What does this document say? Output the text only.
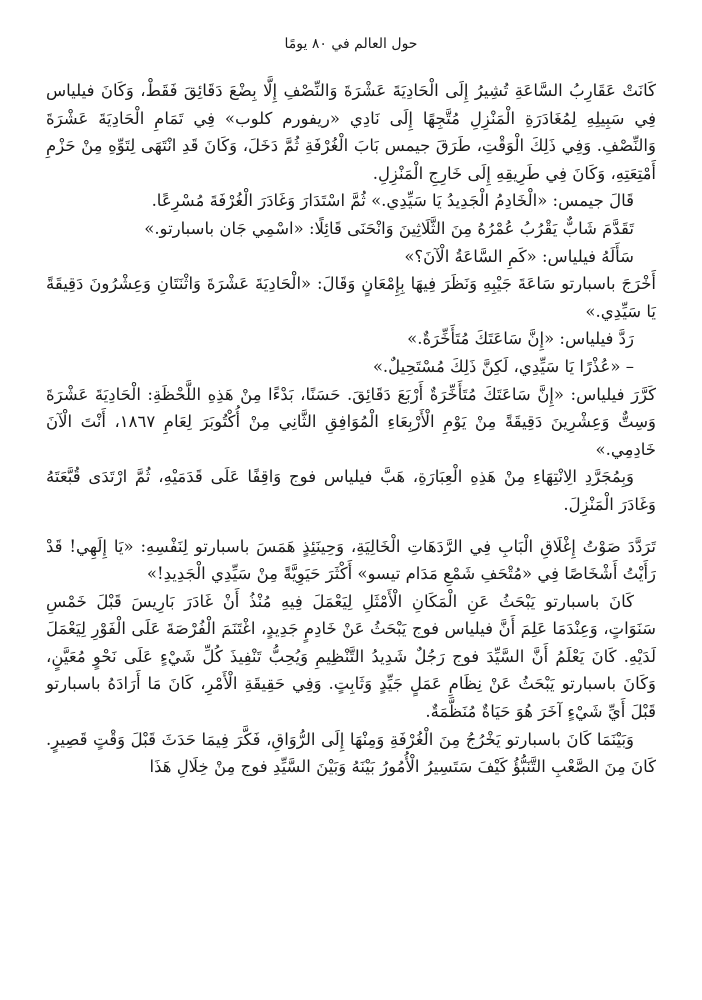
حول العالم في ٨٠ يومًا

كَانَتْ عَقَارِبُ السَّاعَةِ تُشِيرُ إِلَى الْحَادِيَةَ عَشْرَةَ وَالنِّصْفِ إِلَّا بِضْعَ دَقَائِقَ فَقَطْ، وَكَانَ فيلياس فِي سَبِيلِهِ لِمُغَادَرَةِ الْمَنْزِلِ مُتَّجِهًا إِلَى نَادِي «ريفورم كلوب» فِي تَمَامِ الْحَادِيَةَ عَشْرَةَ وَالنِّصْفِ. وَفِي ذَلِكَ الْوَقْتِ، طَرَقَ جيمس بَابَ الْغُرْفَةِ ثُمَّ دَخَلَ، وَكَانَ قَدِ انْتَهَى لِتَوِّهِ مِنْ حَزْمِ أَمْتِعَتِهِ، وَكَانَ فِي طَرِيقِهِ إِلَى خَارِجِ الْمَنْزِلِ.

قَالَ جيمس: «الْخَادِمُ الْجَدِيدُ يَا سَيِّدِي.» ثُمَّ اسْتَدَارَ وَغَادَرَ الْغُرْفَةَ مُسْرِعًا.

تَقَدَّمَ شَابٌّ يَقْرُبُ عُمْرُهُ مِنَ الثَّلَاثِينَ وَانْحَنَى قَائِلًا: «اسْمِي جَان باسبارتو.»

سَأَلَهُ فيلياس: «كَمِ السَّاعَةُ الْآنَ؟»

أَخْرَجَ باسبارتو سَاعَةَ جَيْبِهِ وَنَظَرَ فِيهَا بِإِمْعَانٍ وَقَالَ: «الْحَادِيَةَ عَشْرَةَ وَاثْنَتَانِ وَعِشْرُونَ دَقِيقَةً يَا سَيِّدِي.»

رَدَّ فيلياس: «إِنَّ سَاعَتَكَ مُتَأَخِّرَةٌ.»

– «عُذْرًا يَا سَيِّدِي، لَكِنَّ ذَلِكَ مُسْتَحِيلٌ.»

كَرَّرَ فيلياس: «إِنَّ سَاعَتَكَ مُتَأَخِّرَةٌ أَرْبَعَ دَقَائِقَ. حَسَنًا، بَدْءًا مِنْ هَذِهِ اللَّحْظَةِ: الْحَادِيَةَ عَشْرَةَ وَسِتٌّ وَعِشْرِينَ دَقِيقَةً مِنْ يَوْمِ الْأَرْبِعَاءِ الْمُوَافِقِ الثَّانِي مِنْ أُكْتُوبَرَ لِعَامِ ١٨٦٧، أَنْتَ الْآنَ خَادِمِي.»

وَبِمُجَرَّدِ الِانْتِهَاءِ مِنْ هَذِهِ الْعِبَارَةِ، هَبَّ فيلياس فوج وَاقِفًا عَلَى قَدَمَيْهِ، ثُمَّ ارْتَدَى قُبَّعَتَهُ وَغَادَرَ الْمَنْزِلَ.

تَرَدَّدَ صَوْتُ إِغْلَاقِ الْبَابِ فِي الرَّدَهَاتِ الْخَالِيَةِ، وَحِينَئِذٍ هَمَسَ باسبارتو لِنَفْسِهِ: «يَا إِلَهِي! قَدْ رَأَيْتُ أَشْخَاصًا فِي «مُتْحَفِ شَمْعِ مَدَام تيسو» أَكْثَرَ حَيَوِيَّةً مِنْ سَيِّدِي الْجَدِيدِ!»

كَانَ باسبارتو يَبْحَثُ عَنِ الْمَكَانِ الْأَمْثَلِ لِيَعْمَلَ فِيهِ مُنْذُ أَنْ غَادَرَ بَارِيسَ قَبْلَ خَمْسِ سَنَوَاتٍ، وَعِنْدَمَا عَلِمَ أَنَّ فيلياس فوج يَبْحَثُ عَنْ خَادِمٍ جَدِيدٍ، اغْتَنَمَ الْفُرْصَةَ عَلَى الْفَوْرِ لِيَعْمَلَ لَدَيْهِ. كَانَ يَعْلَمُ أَنَّ السَّيِّدَ فوج رَجُلٌ شَدِيدُ التَّنْظِيمِ وَيُحِبُّ تَنْفِيذَ كُلِّ شَيْءٍ عَلَى نَحْوٍ مُعَيَّنٍ، وَكَانَ باسبارتو يَبْحَثُ عَنْ نِظَامِ عَمَلٍ جَيِّدٍ وَثَابِتٍ. وَفِي حَقِيقَةِ الْأَمْرِ، كَانَ مَا أَرَادَهُ باسبارتو قَبْلَ أَيِّ شَيْءٍ آخَرَ هُوَ حَيَاةٌ مُنَظَّمَةٌ.

وَبَيْنَمَا كَانَ باسبارتو يَخْرُجُ مِنَ الْغُرْفَةِ وَمِنْهَا إِلَى الرُّوَاقِ، فَكَّرَ فِيمَا حَدَثَ قَبْلَ وَقْتٍ قَصِيرٍ. كَانَ مِنَ الصَّعْبِ التَّنَبُّؤُ كَيْفَ سَتَسِيرُ الْأُمُورُ بَيْنَهُ وَبَيْنَ السَّيِّدِ فوج مِنْ خِلَالِ هَذَا
